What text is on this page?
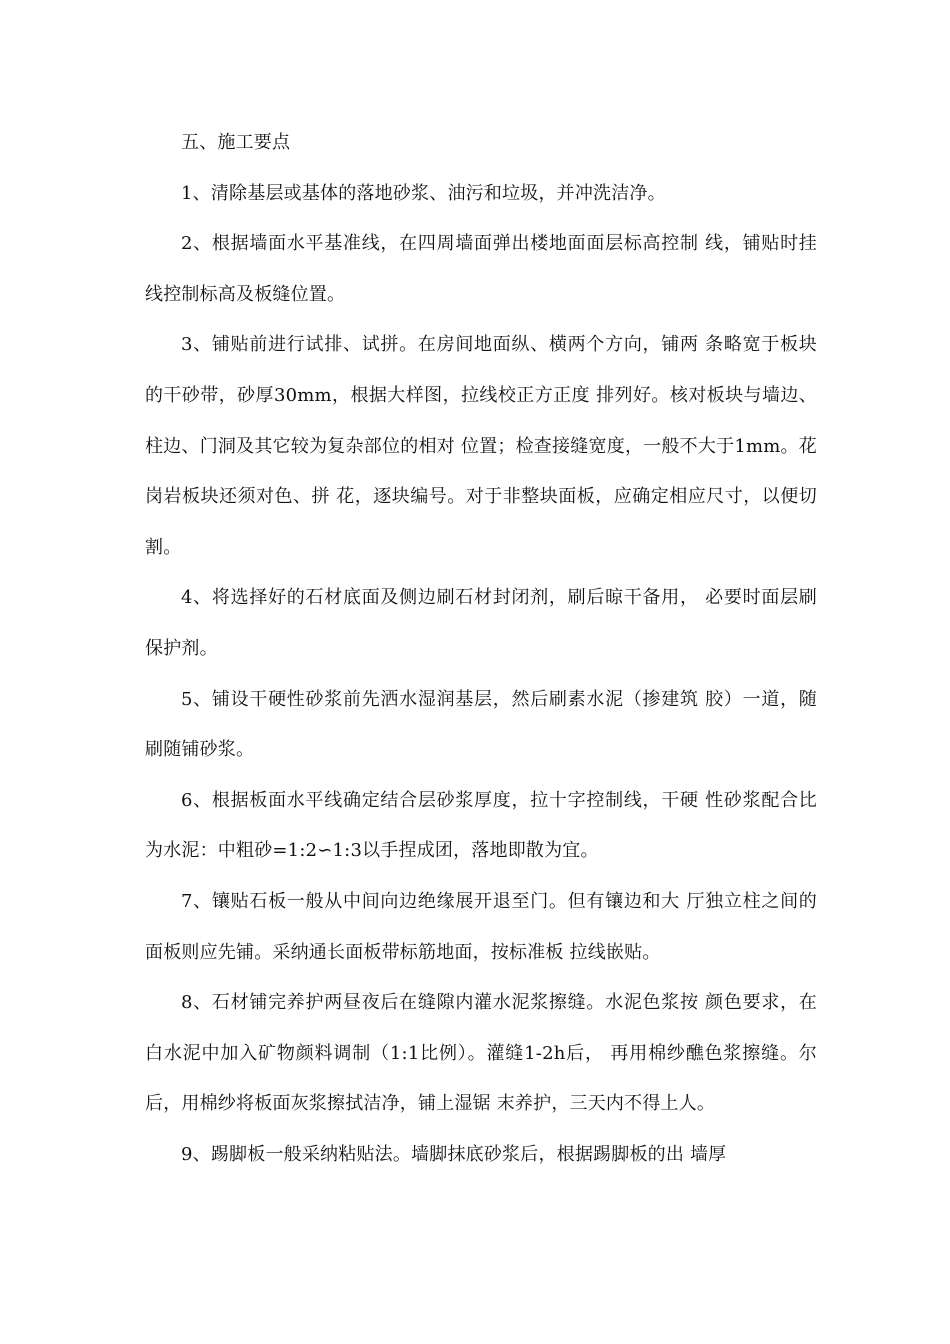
五、施工要点

1、清除基层或基体的落地砂浆、油污和垃圾，并冲洗洁净。

2、根据墙面水平基准线，在四周墙面弹出楼地面面层标高控制 线，铺贴时挂线控制标高及板缝位置。

3、铺贴前进行试排、试拼。在房间地面纵、横两个方向，铺两 条略宽于板块的干砂带，砂厚30mm，根据大样图，拉线校正方正度 排列好。核对板块与墙边、柱边、门洞及其它较为复杂部位的相对 位置；检查接缝宽度，一般不大于1mm。花岗岩板块还须对色、拼 花，逐块编号。对于非整块面板，应确定相应尺寸，以便切割。

4、将选择好的石材底面及侧边刷石材封闭剂，刷后晾干备用， 必要时面层刷保护剂。

5、铺设干硬性砂浆前先洒水湿润基层，然后刷素水泥（掺建筑 胶）一道，随刷随铺砂浆。

6、根据板面水平线确定结合层砂浆厚度，拉十字控制线，干硬 性砂浆配合比为水泥：中粗砂=1:2∽1:3以手捏成团，落地即散为宜。

7、镶贴石板一般从中间向边绝缘展开退至门。但有镶边和大 厅独立柱之间的面板则应先铺。采纳通长面板带标筋地面，按标准板 拉线嵌贴。

8、石材铺完养护两昼夜后在缝隙内灌水泥浆擦缝。水泥色浆按 颜色要求，在白水泥中加入矿物颜料调制（1:1比例）。灌缝1-2h后， 再用棉纱醮色浆擦缝。尔后，用棉纱将板面灰浆擦拭洁净，铺上湿锯 末养护，三天内不得上人。

9、踢脚板一般采纳粘贴法。墙脚抹底砂浆后，根据踢脚板的出 墙厚
